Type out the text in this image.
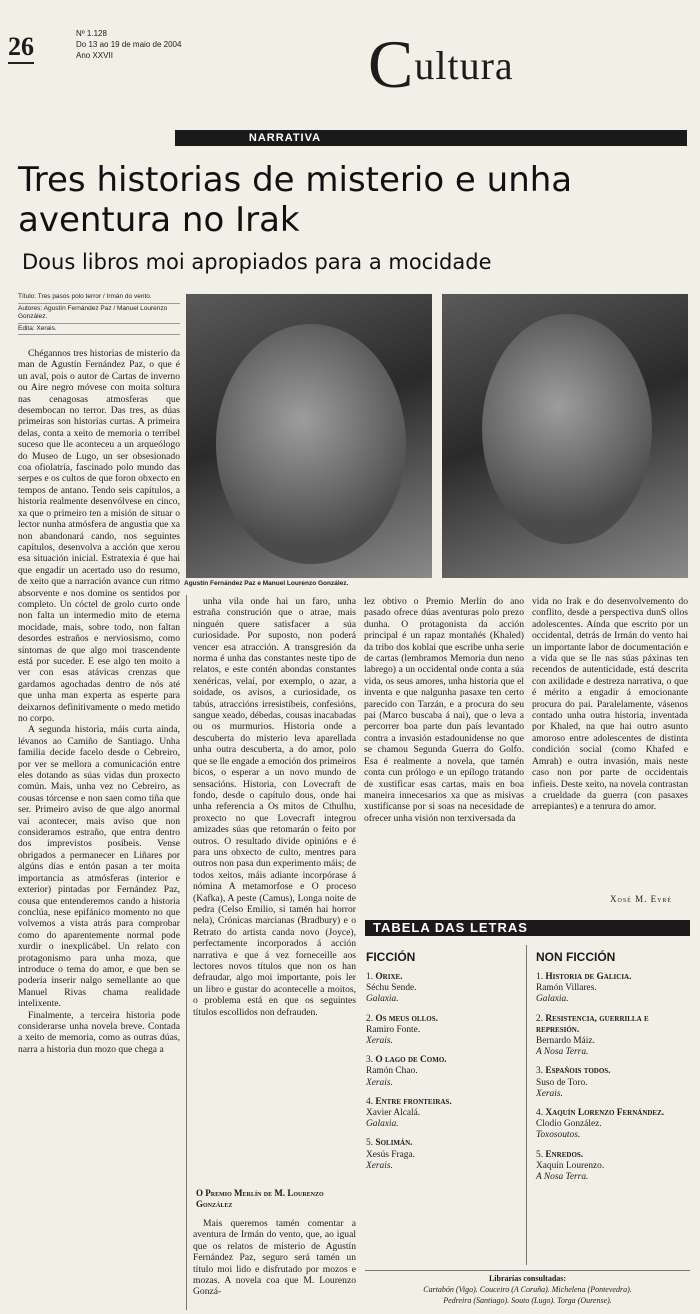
26	Nº 1.128
Do 13 ao 19 de maio de 2004
Ano XXVII	Cultura
NARRATIVA
Tres historias de misterio e unha aventura no Irak
Dous libros moi apropiados para a mocidade
Título: Tres pasos polo terror / Irmán do vento.
Autores: Agustín Fernández Paz / Manuel Lourenzo González.
Edita: Xerais.
Agustín Fernández Paz e Manuel Lourenzo González.

Chégannos tres historias de misterio da man de Agustín Fernández Paz, o que é un aval, pois o autor de Cartas de inverno ou Aire negro móvese con moita soltura nas cenagosas atmosferas que desembocan no terror. Das tres, as dúas primeiras son historias curtas. A primeira delas, conta a xeito de memoria o terríbel suceso que lle aconteceu a un arqueólogo do Museo de Lugo, un ser obsesionado coa ofiolatría, fascinado polo mundo das serpes e os cultos de que foron obxecto en tempos de antano. Tendo seis capítulos, a historia realmente desenvólvese en cinco, xa que o primeiro ten a misión de situar o lector nunha atmósfera de angustia que xa non abandonará cando, nos seguintes capítulos, desenvolva a acción que xerou esa situación inicial. Estratexia é que hai que engadir un acertado uso do resumo, de xeito que a narración avance cun ritmo absorvente e nos domine os sentidos por completo. Un cóctel de grolo curto onde non falta un intermedio mito de eterna mocidade, mais, sobre todo, non faltan desordes estraños e nerviosismo, como síntomas de que algo moi trascendente está por suceder. E ese algo ten moito a ver con esas atávicas crenzas que gardamos agochadas dentro de nós até que unha man experta as esperte para deixarnos definitivamente o medo metido no corpo.

A segunda historia, máis curta aínda, lévanos ao Camiño de Santiago. Unha familia decide facelo desde o Cebreiro, por ver se mellora a comunicación entre eles dotando as súas vidas dun proxecto común. Mais, unha vez no Cebreiro, as cousas tórcense e non saen como tiña que ser. Primeiro aviso de que algo anormal vai acontecer, mais aviso que non consideramos estraño, que entra dentro dos imprevistos posíbeis. Vense obrigados a permanecer en Liñares por algúns días e entón pasan a ter moita importancia as atmósferas (interior e exterior) pintadas por Fernández Paz, cousa que entenderemos cando a historia conclúa, nese epifánico momento no que volvemos a vista atrás para comprobar como do aparentemente normal pode xurdir o inexplicábel. Un relato con protagonismo para unha moza, que introduce o tema do amor, e que ben se podería inserir nalgo semellante ao que Manuel Rivas chama realidade intelixente.

Finalmente, a terceira historia pode considerarse unha novela breve. Contada a xeito de memoria, como as outras dúas, narra a historia dun mozo que chega a

unha vila onde hai un faro, unha estraña construción que o atrae, mais ninguén quere satisfacer a súa curiosidade. Por suposto, non poderá vencer esa atracción. A transgresión da norma é unha das constantes neste tipo de relatos, e este contén abondas constantes xenéricas, velaí, por exemplo, o azar, a soidade, os avisos, a curiosidade, os tabús, atraccións irresistíbeis, confesións, sangue xeado, débedas, cousas inacabadas ou os murmurios. Historia onde a descuberta do misterio leva aparellada unha outra descuberta, a do amor, polo que se lle engade a emoción dos primeiros bicos, o esperar a un novo mundo de sensacións. Historia, con Lovecraft de fondo, desde o capítulo dous, onde hai unha referencia a Os mitos de Cthulhu, proxecto no que Lovecraft integrou amizades súas que retomarán o feito por outros. O resultado divide opinións e é para uns obxecto de culto, mentres para outros non pasa dun experimento máis; de todos xeitos, máis adiante incorpórase á nómina A metamorfose e O proceso (Kafka), A peste (Camus), Longa noite de pedra (Celso Emilio, si tamén hai horror nela), Crónicas marcianas (Bradbury) e o Retrato do artista canda novo (Joyce), perfectamente incorporados á acción narrativa e que á vez forneceille aos lectores novos títulos que non os han defraudar, algo moi importante, pois ler un libro e gustar do acontecelle a moitos, o problema está en que os seguintes títulos escollidos non defrauden.

O Premio Merlín de M. Lourenzo González

Mais queremos tamén comentar a aventura de Irmán do vento, que, ao igual que os relatos de misterio de Agustín Fernández Paz, seguro será tamén un título moi lido e disfrutado por mozos e mozas. A novela coa que M. Lourenzo Gonzá-

lez obtivo o Premio Merlín do ano pasado ofrece dúas aventuras polo prezo dunha. O protagonista da acción principal é un rapaz montañés (Khaled) da tribo dos koblai que escribe unha serie de cartas (lembramos Memoria dun neno labrego) a un occidental onde conta a súa vida, os seus amores, unha historia que el inventa e que nalgunha pasaxe ten certo parecido con Tarzán, e a procura do seu pai (Marco buscaba á nai), que o leva a percorrer boa parte dun país levantado contra a invasión estadounidense no que se chamou Segunda Guerra do Golfo. Esa é realmente a novela, que tamén conta cun prólogo e un epílogo tratando de xustificar esas cartas, mais en boa maneira innecesarios xa que as misivas xustifícanse por si soas na necesidade de ofrecer unha visión non terxiversada da

vida no Irak e do desenvolvemento do conflito, desde a perspectiva dunS ollos adolescentes. Aínda que escrito por un occidental, detrás de Irmán do vento hai un importante labor de documentación e a vida que se lle nas súas páxinas ten recendos de autenticidade, está descrita con axilidade e destreza narrativa, o que é mérito a engadir á emocionante procura do pai. Paralelamente, vásenos contado unha outra historia, inventada por Khaled, na que hai outro asunto amoroso entre adolescentes de distinta condición social (como Khafed e Amrah) e outra invasión, mais neste caso non por parte de occidentais infieis. Deste xeito, na novela contrastan a crueldade da guerra (con pasaxes arrepiantes) e a tenrura do amor.

Xosé M. Eyré
TABELA DAS LETRAS
FICCIÓN
1. Orixe.
Séchu Sende.
Galaxia.
2. Os meus ollos.
Ramiro Fonte.
Xerais.
3. O lago de Como.
Ramón Chao.
Xerais.
4. Entre fronteiras.
Xavier Alcalá.
Galaxia.
5. Solimán.
Xesús Fraga.
Xerais.
NON FICCIÓN
1. Historia de Galicia.
Ramón Villares.
Galaxia.
2. Resistencia, guerrilla e represión.
Bernardo Máiz.
A Nosa Terra.
3. Españois todos.
Suso de Toro.
Xerais.
4. Xaquín Lorenzo Fernández.
Clodio González.
Toxosoutos.
5. Enredos.
Xaquín Lourenzo.
A Nosa Terra.
Librarías consultadas:
Cartabón (Vigo). Couceiro (A Coruña). Michelena (Pontevedra).
Pedreira (Santiago). Souto (Lugo). Torga (Ourense).
